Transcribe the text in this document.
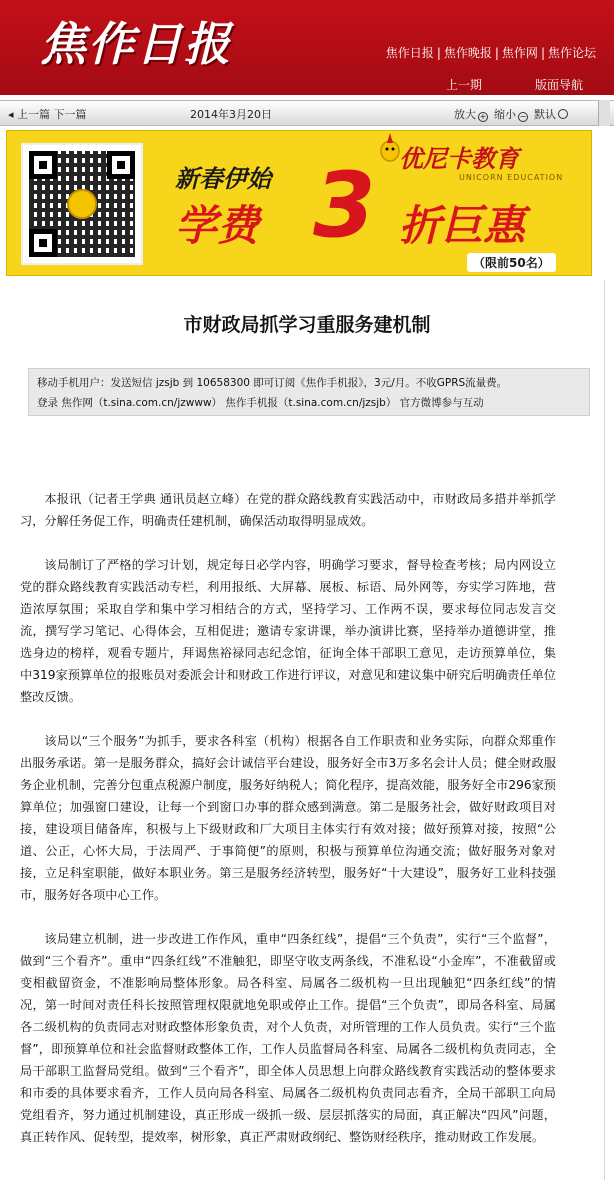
焦作日报	焦作日报 | 焦作晚报 | 焦作网 | 焦作论坛
上一期	版面导航
◂ 上一篇 下一篇	2014年3月20日	放大 + 缩小 − 默认
优尼卡教育
UNICORN EDUCATION
新春伊始
学费 3 折巨惠
（限前50名）
市财政局抓学习重服务建机制
移动手机用户：发送短信 jzsjb 到 10658300 即可订阅《焦作手机报》，3元/月。不收GPRS流量费。
登录 焦作网（t.sina.com.cn/jzwww） 焦作手机报（t.sina.com.cn/jzsjb） 官方微博参与互动

本报讯（记者王学典 通讯员赵立峰）在党的群众路线教育实践活动中，市财政局多措并举抓学习，分解任务促工作，明确责任建机制，确保活动取得明显成效。

该局制订了严格的学习计划，规定每日必学内容，明确学习要求，督导检查考核；局内网设立党的群众路线教育实践活动专栏，利用报纸、大屏幕、展板、标语、局外网等，夯实学习阵地，营造浓厚氛围；采取自学和集中学习相结合的方式，坚持学习、工作两不误，要求每位同志发言交流，撰写学习笔记、心得体会，互相促进；邀请专家讲课，举办演讲比赛，坚持举办道德讲堂，推选身边的榜样，观看专题片，拜谒焦裕禄同志纪念馆，征询全体干部职工意见，走访预算单位，集中319家预算单位的报账员对委派会计和财政工作进行评议，对意见和建议集中研究后明确责任单位整改反馈。

该局以“三个服务”为抓手，要求各科室（机构）根据各自工作职责和业务实际，向群众郑重作出服务承诺。第一是服务群众，搞好会计诚信平台建设，服务好全市3万多名会计人员；健全财政服务企业机制，完善分包重点税源户制度，服务好纳税人；简化程序，提高效能，服务好全市296家预算单位；加强窗口建设，让每一个到窗口办事的群众感到满意。第二是服务社会，做好财政项目对接，建设项目储备库，积极与上下级财政和厂大项目主体实行有效对接；做好预算对接，按照“公道、公正，心怀大局，于法周严、于事简便”的原则，积极与预算单位沟通交流；做好服务对象对接，立足科室职能，做好本职业务。第三是服务经济转型，服务好“十大建设”，服务好工业科技强市，服务好各项中心工作。

该局建立机制，进一步改进工作作风，重申“四条红线”，提倡“三个负责”，实行“三个监督”，做到“三个看齐”。重申“四条红线”不准触犯，即坚守收支两条线，不准私设“小金库”，不准截留或变相截留资金，不准影响局整体形象。局各科室、局属各二级机构一旦出现触犯“四条红线”的情况，第一时间对责任科长按照管理权限就地免职或停止工作。提倡“三个负责”，即局各科室、局属各二级机构的负责同志对财政整体形象负责，对个人负责，对所管理的工作人员负责。实行“三个监督”，即预算单位和社会监督财政整体工作，工作人员监督局各科室、局属各二级机构负责同志，全局干部职工监督局党组。做到“三个看齐”，即全体人员思想上向群众路线教育实践活动的整体要求和市委的具体要求看齐，工作人员向局各科室、局属各二级机构负责同志看齐，全局干部职工向局党组看齐，努力通过机制建设，真正形成一级抓一级、层层抓落实的局面，真正解决“四风”问题，真正转作风、促转型，提效率，树形象，真正严肃财政纲纪、整饬财经秩序，推动财政工作发展。
